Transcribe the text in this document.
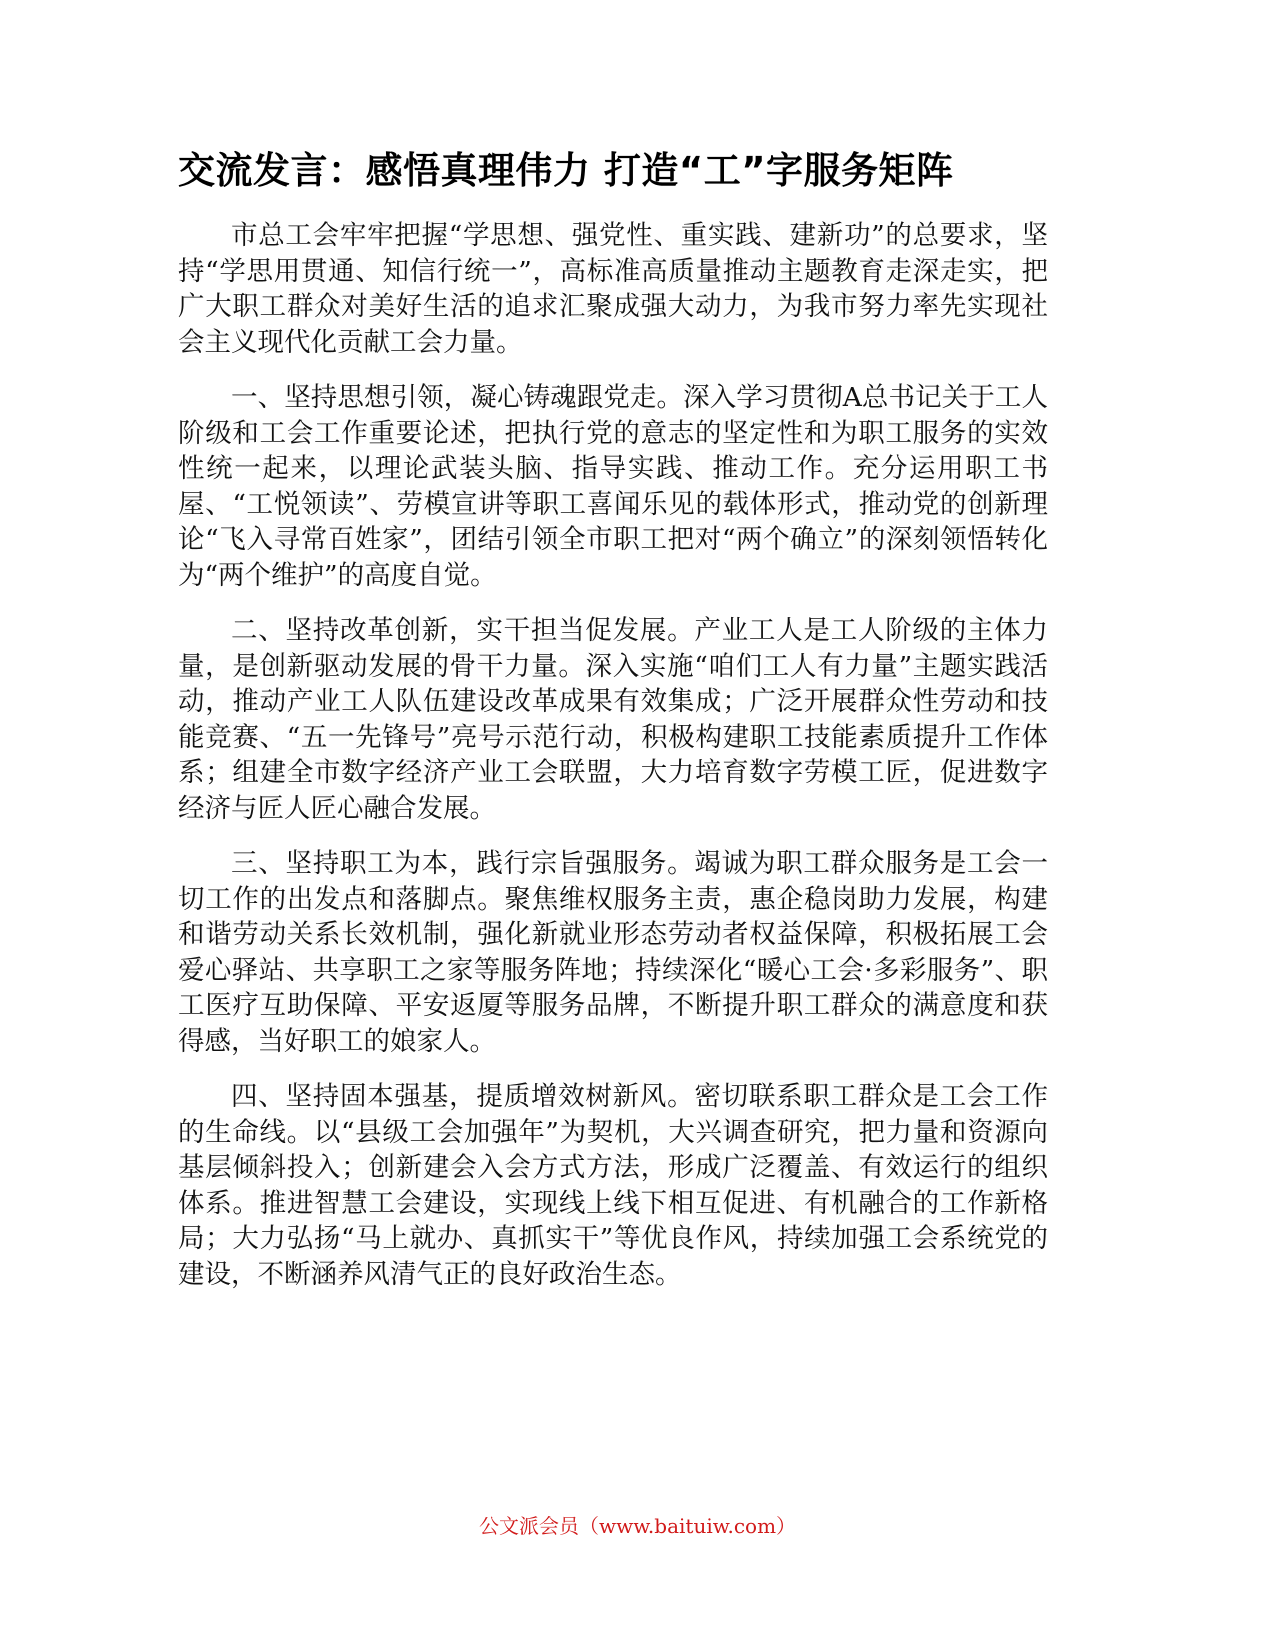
交流发言：感悟真理伟力 打造“工”字服务矩阵

市总工会牢牢把握“学思想、强党性、重实践、建新功”的总要求，坚持“学思用贯通、知信行统一”，高标准高质量推动主题教育走深走实，把广大职工群众对美好生活的追求汇聚成强大动力，为我市努力率先实现社会主义现代化贡献工会力量。

一、坚持思想引领，凝心铸魂跟党走。深入学习贯彻A总书记关于工人阶级和工会工作重要论述，把执行党的意志的坚定性和为职工服务的实效性统一起来，以理论武装头脑、指导实践、推动工作。充分运用职工书屋、“工悦领读”、劳模宣讲等职工喜闻乐见的载体形式，推动党的创新理论“飞入寻常百姓家”，团结引领全市职工把对“两个确立”的深刻领悟转化为“两个维护”的高度自觉。

二、坚持改革创新，实干担当促发展。产业工人是工人阶级的主体力量，是创新驱动发展的骨干力量。深入实施“咱们工人有力量”主题实践活动，推动产业工人队伍建设改革成果有效集成；广泛开展群众性劳动和技能竞赛、“五一先锋号”亮号示范行动，积极构建职工技能素质提升工作体系；组建全市数字经济产业工会联盟，大力培育数字劳模工匠，促进数字经济与匠人匠心融合发展。

三、坚持职工为本，践行宗旨强服务。竭诚为职工群众服务是工会一切工作的出发点和落脚点。聚焦维权服务主责，惠企稳岗助力发展，构建和谐劳动关系长效机制，强化新就业形态劳动者权益保障，积极拓展工会爱心驿站、共享职工之家等服务阵地；持续深化“暖心工会·多彩服务”、职工医疗互助保障、平安返厦等服务品牌，不断提升职工群众的满意度和获得感，当好职工的娘家人。

四、坚持固本强基，提质增效树新风。密切联系职工群众是工会工作的生命线。以“县级工会加强年”为契机，大兴调查研究，把力量和资源向基层倾斜投入；创新建会入会方式方法，形成广泛覆盖、有效运行的组织体系。推进智慧工会建设，实现线上线下相互促进、有机融合的工作新格局；大力弘扬“马上就办、真抓实干”等优良作风，持续加强工会系统党的建设，不断涵养风清气正的良好政治生态。

公文派会员（www.baituiw.com）
